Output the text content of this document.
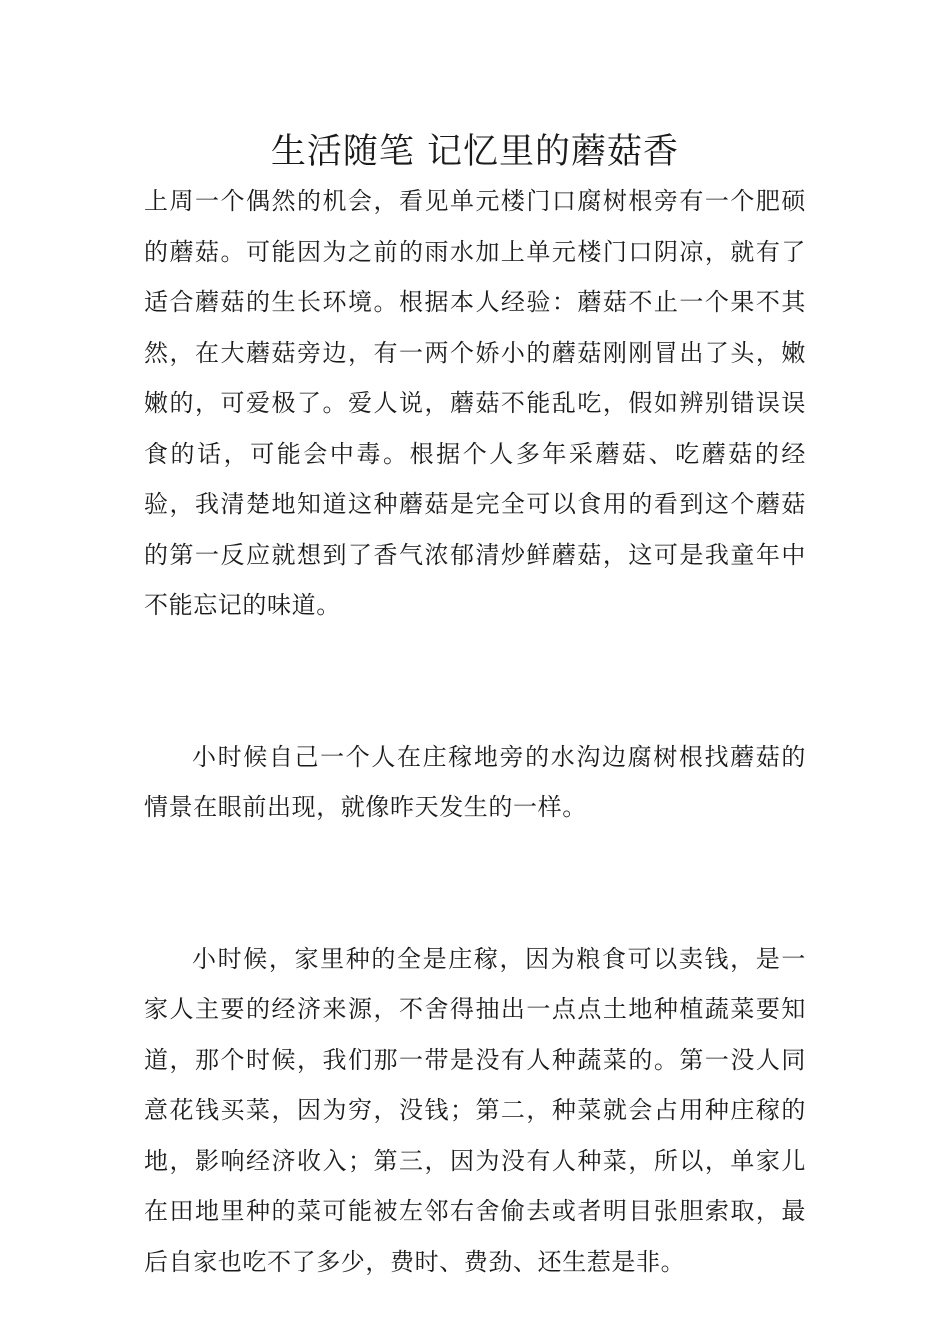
生活随笔 记忆里的蘑菇香

上周一个偶然的机会，看见单元楼门口腐树根旁有一个肥硕的蘑菇。可能因为之前的雨水加上单元楼门口阴凉，就有了适合蘑菇的生长环境。根据本人经验：蘑菇不止一个果不其然，在大蘑菇旁边，有一两个娇小的蘑菇刚刚冒出了头，嫩嫩的，可爱极了。爱人说，蘑菇不能乱吃，假如辨别错误误食的话，可能会中毒。根据个人多年采蘑菇、吃蘑菇的经验，我清楚地知道这种蘑菇是完全可以食用的看到这个蘑菇的第一反应就想到了香气浓郁清炒鲜蘑菇，这可是我童年中不能忘记的味道。

小时候自己一个人在庄稼地旁的水沟边腐树根找蘑菇的情景在眼前出现，就像昨天发生的一样。

小时候，家里种的全是庄稼，因为粮食可以卖钱，是一家人主要的经济来源，不舍得抽出一点点土地种植蔬菜要知道，那个时候，我们那一带是没有人种蔬菜的。第一没人同意花钱买菜，因为穷，没钱；第二，种菜就会占用种庄稼的地，影响经济收入；第三，因为没有人种菜，所以，单家儿在田地里种的菜可能被左邻右舍偷去或者明目张胆索取，最后自家也吃不了多少，费时、费劲、还生惹是非。
